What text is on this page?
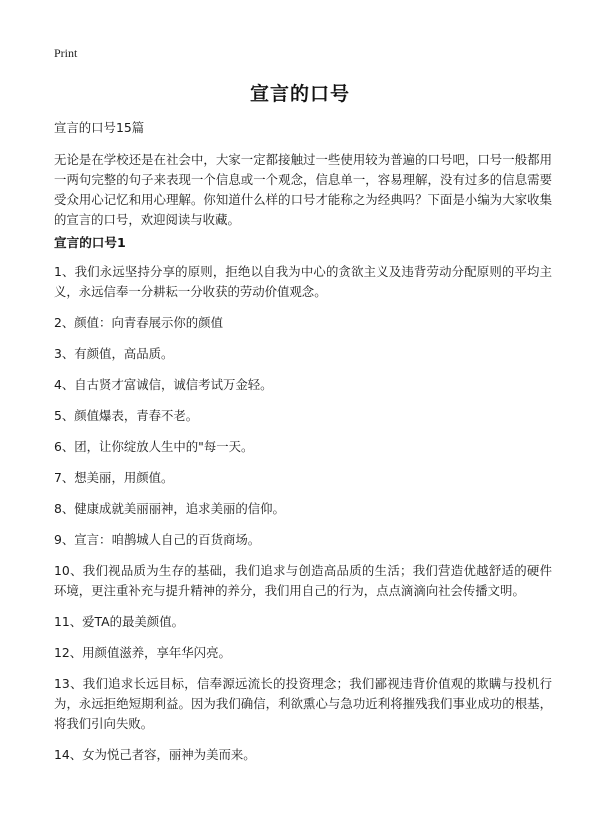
Print
宣言的口号
宣言的口号15篇
无论是在学校还是在社会中，大家一定都接触过一些使用较为普遍的口号吧，口号一般都用一两句完整的句子来表现一个信息或一个观念，信息单一，容易理解，没有过多的信息需要受众用心记忆和用心理解。你知道什么样的口号才能称之为经典吗？下面是小编为大家收集的宣言的口号，欢迎阅读与收藏。
宣言的口号1
1、我们永远坚持分享的原则，拒绝以自我为中心的贪欲主义及违背劳动分配原则的平均主义，永远信奉一分耕耘一分收获的劳动价值观念。
2、颜值：向青春展示你的颜值
3、有颜值，高品质。
4、自古贤才富诚信，诚信考试万金轻。
5、颜值爆表，青春不老。
6、团，让你绽放人生中的"每一天。
7、想美丽，用颜值。
8、健康成就美丽丽神，追求美丽的信仰。
9、宣言：咱鹊城人自己的百货商场。
10、我们视品质为生存的基础，我们追求与创造高品质的生活；我们营造优越舒适的硬件环境，更注重补充与提升精神的养分，我们用自己的行为，点点滴滴向社会传播文明。
11、爱TA的最美颜值。
12、用颜值滋养，享年华闪亮。
13、我们追求长远目标，信奉源远流长的投资理念；我们鄙视违背价值观的欺瞒与投机行为，永远拒绝短期利益。因为我们确信，利欲熏心与急功近利将摧残我们事业成功的根基，将我们引向失败。
14、女为悦己者容，丽神为美而来。
